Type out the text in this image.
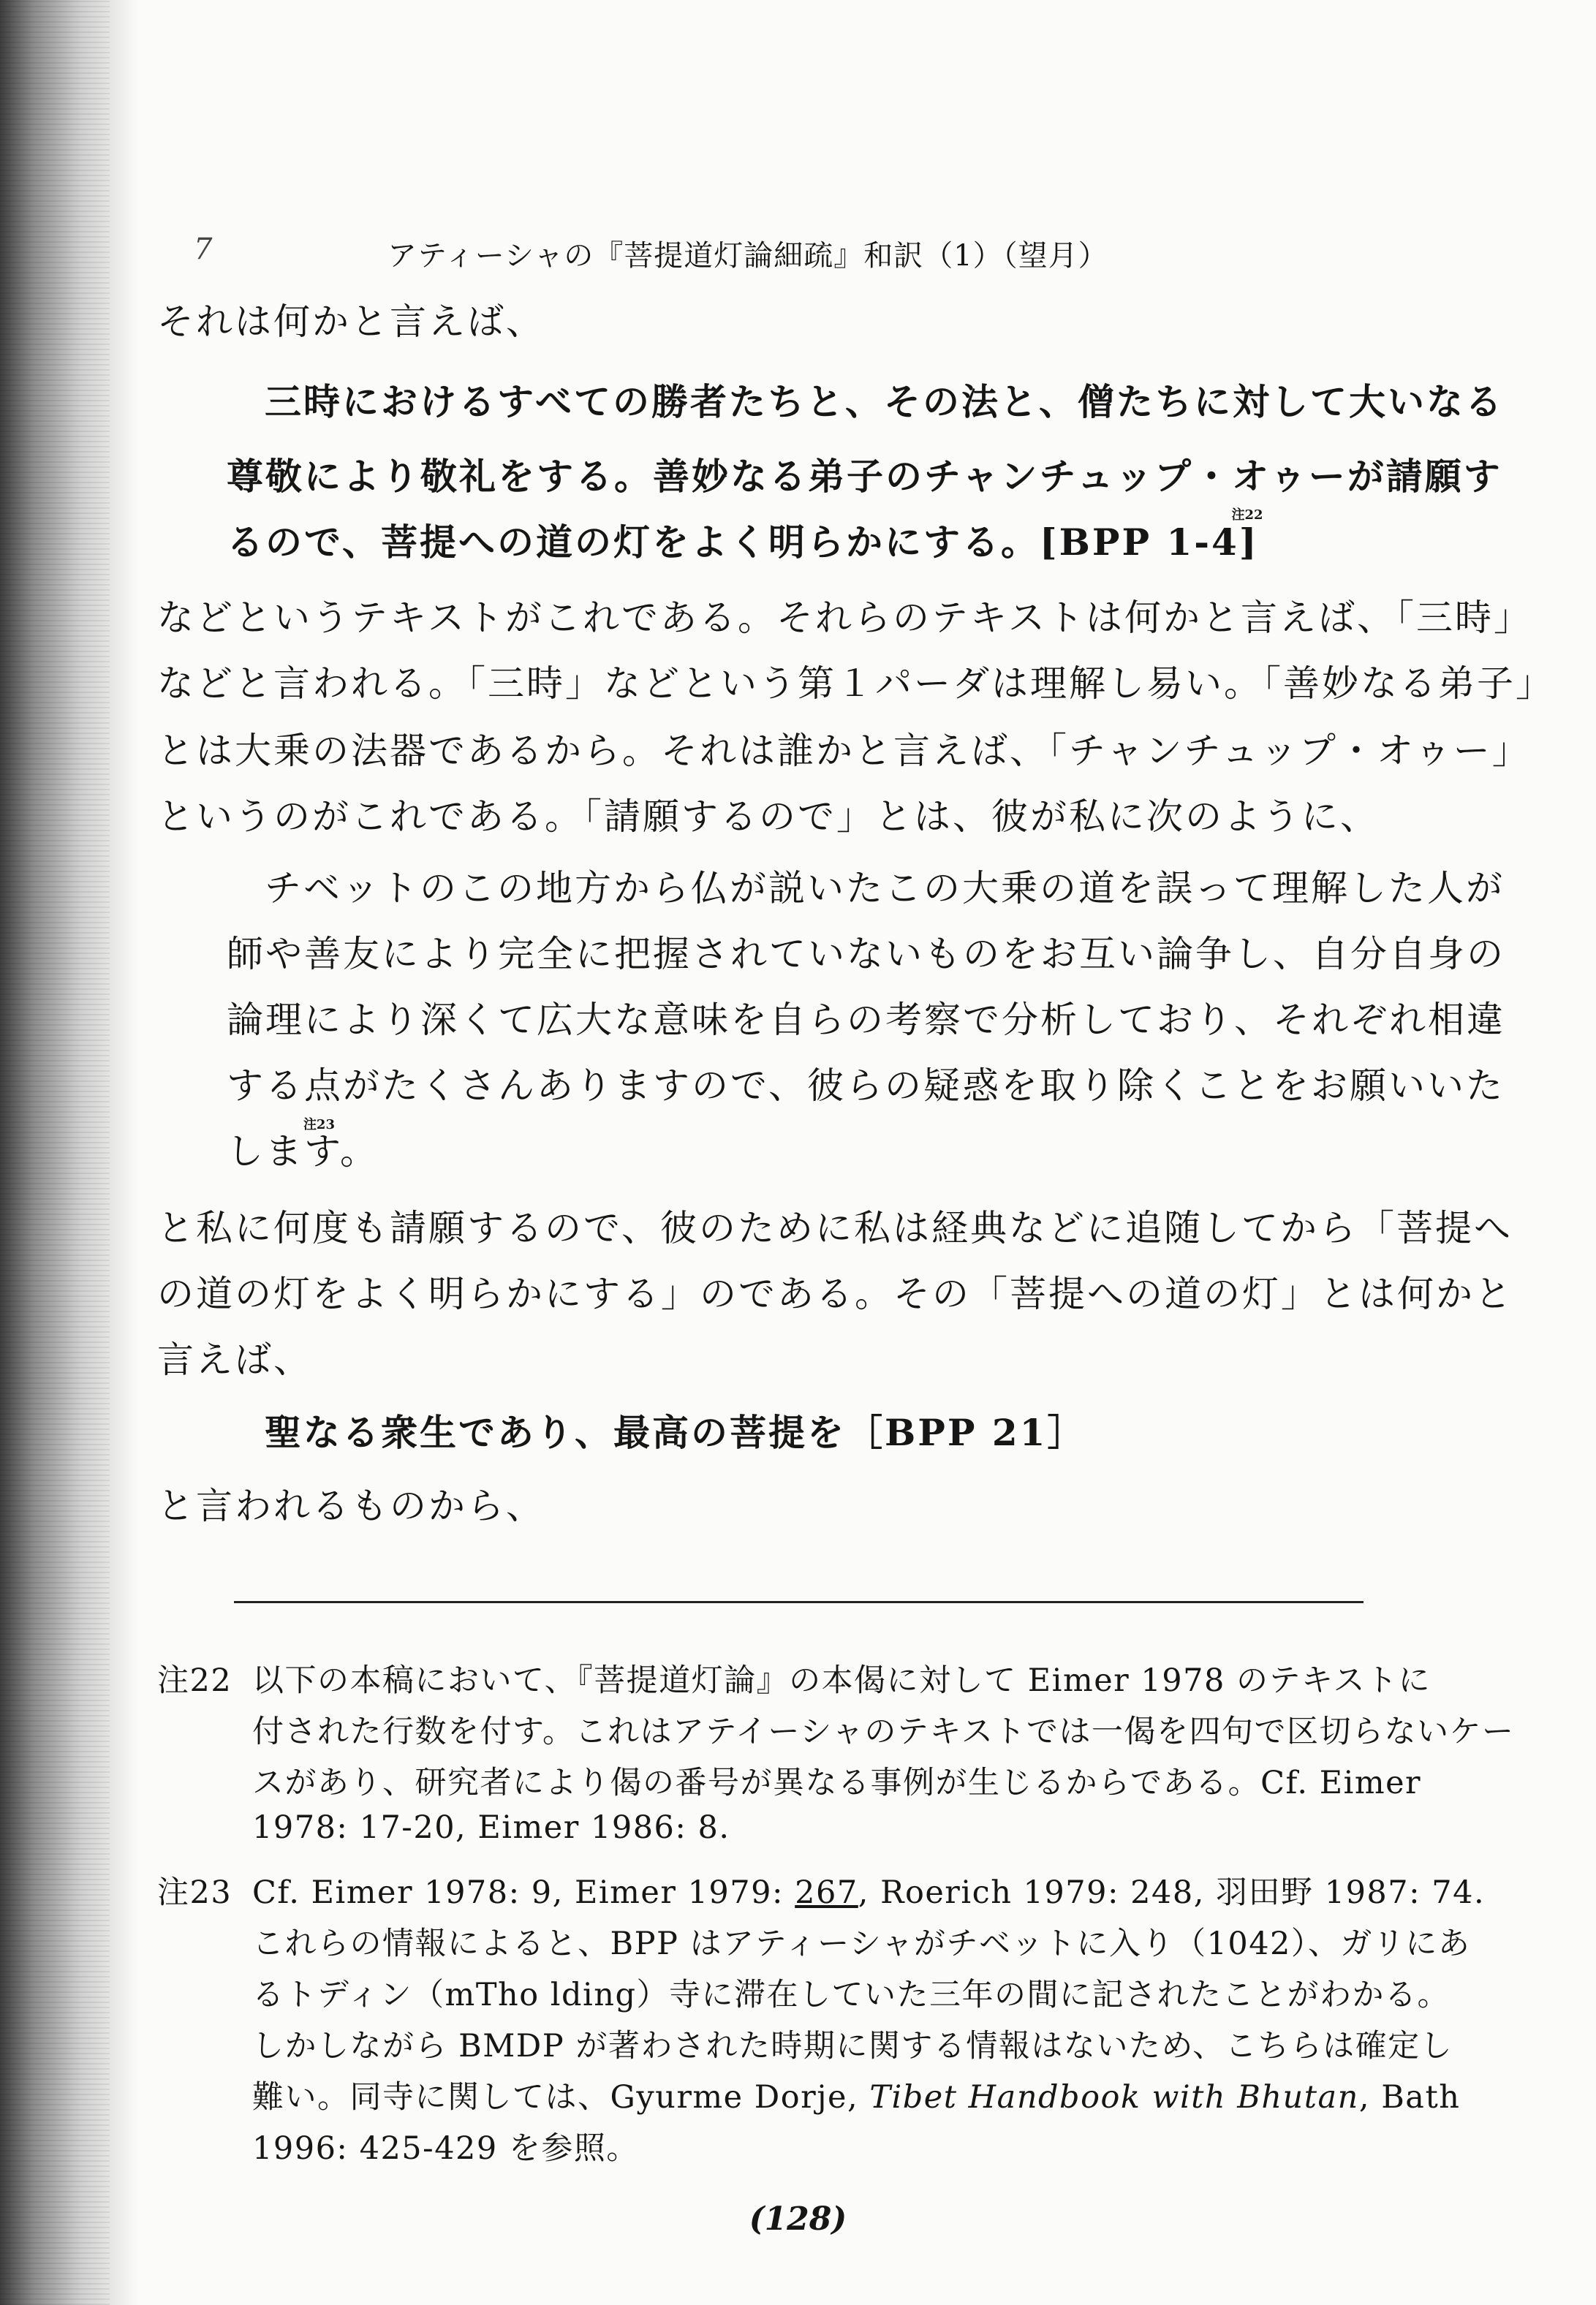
7	アティーシャの『菩提道灯論細疏』和訳（1）（望月）
それは何かと言えば、
三時におけるすべての勝者たちと、その法と、僧たちに対して大いなる
尊敬により敬礼をする。善妙なる弟子のチャンチュップ・オゥーが請願す
るので、菩提への道の灯をよく明らかにする。[BPP 1-4]
注22
などというテキストがこれである。それらのテキストは何かと言えば、「三時」
などと言われる。「三時」などという第１パーダは理解し易い。「善妙なる弟子」
とは大乗の法器であるから。それは誰かと言えば、「チャンチュップ・オゥー」
というのがこれである。「請願するので」とは、彼が私に次のように、
チベットのこの地方から仏が説いたこの大乗の道を誤って理解した人が
師や善友により完全に把握されていないものをお互い論争し、自分自身の
論理により深くて広大な意味を自らの考察で分析しており、それぞれ相違
する点がたくさんありますので、彼らの疑惑を取り除くことをお願いいた
します。
注23
と私に何度も請願するので、彼のために私は経典などに追随してから「菩提へ
の道の灯をよく明らかにする」のである。その「菩提への道の灯」とは何かと
言えば、
聖なる衆生であり、最高の菩提を［BPP 21］
と言われるものから、
注22 以下の本稿において、『菩提道灯論』の本偈に対して Eimer 1978 のテキストに
付された行数を付す。これはアテイーシャのテキストでは一偈を四句で区切らないケー
スがあり、研究者により偈の番号が異なる事例が生じるからである。Cf. Eimer
1978: 17-20, Eimer 1986: 8.
注23 Cf. Eimer 1978: 9, Eimer 1979: 267, Roerich 1979: 248, 羽田野 1987: 74.
これらの情報によると、BPP はアティーシャがチベットに入り（1042）、ガリにあ
るトディン（mTho lding）寺に滞在していた三年の間に記されたことがわかる。
しかしながら BMDP が著わされた時期に関する情報はないため、こちらは確定し
難い。同寺に関しては、Gyurme Dorje, Tibet Handbook with Bhutan, Bath
1996: 425-429 を参照。
(128)
